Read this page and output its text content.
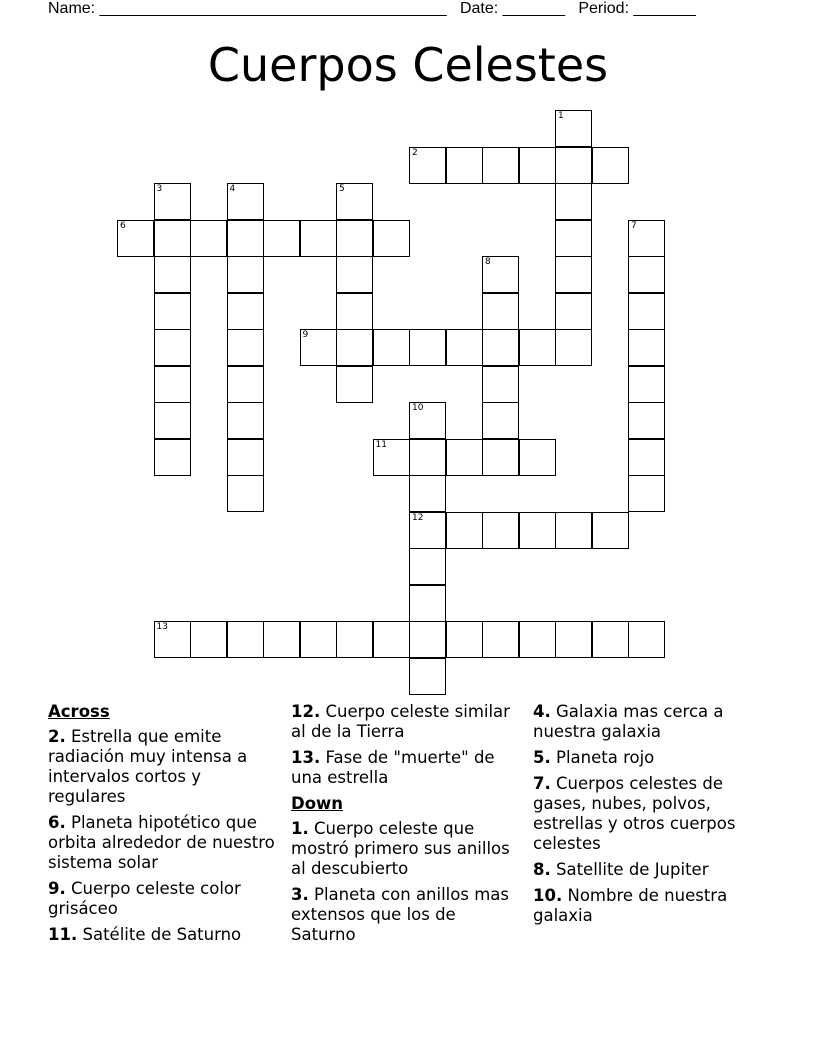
Name: _______________________________________ Date: _______ Period: _______
Cuerpos Celestes
1
2
3	4	5
6	7
8
9
10
12
11
13
Across
2. Estrella que emite radiación muy intensa a intervalos cortos y regulares
6. Planeta hipotético que orbita alrededor de nuestro sistema solar
9. Cuerpo celeste color grisáceo
11. Satélite de Saturno
12. Cuerpo celeste similar al de la Tierra
13. Fase de "muerte" de una estrella
Down
1. Cuerpo celeste que mostró primero sus anillos al descubierto
3. Planeta con anillos mas extensos que los de Saturno
4. Galaxia mas cerca a nuestra galaxia
5. Planeta rojo
7. Cuerpos celestes de gases, nubes, polvos, estrellas y otros cuerpos celestes
8. Satellite de Jupiter
10. Nombre de nuestra galaxia
